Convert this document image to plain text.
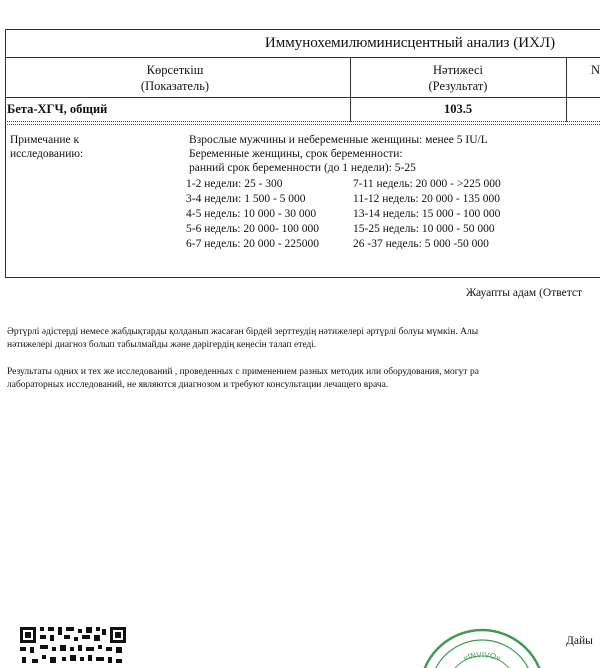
Иммунохемилюминисцентный анализ (ИХЛ)
Көрсеткіш
(Показатель)
Нәтижесі
(Результат)
N
Бета-ХГЧ, общий	103.5
Примечание к исследованию:
Взрослые мужчины и небеременные женщины: менее 5 IU/L
Беременные женщины, срок беременности:
ранний срок беременности (до 1 недели): 5-25
1-2 недели: 25 - 300
3-4 недели: 1 500 - 5 000
4-5 недель: 10 000 - 30 000
5-6 недель: 20 000- 100 000
6-7 недель: 20 000 - 225000
7-11 недель: 20 000 - >225 000
11-12 недель: 20 000 - 135 000
13-14 недель: 15 000 - 100 000
15-25 недель: 10 000 - 50 000
26 -37 недель: 5 000 -50 000
Жауапты адам (Ответст
Әртүрлі әдістерді немесе жабдықтарды қолданып жасаған бірдей зерттеудің нәтижелері әртүрлі болуы мүмкін. Алы
нәтижелері диагноз болып табылмайды және дәрігердің кеңесін талап етеді.
Результаты одних и тех же исследований , проведенных с применением разных методик или оборудования, могут ра
лабораторных исследований, не являются диагнозом и требуют консультации лечащего врача.
«INVIVO»
Дайы
